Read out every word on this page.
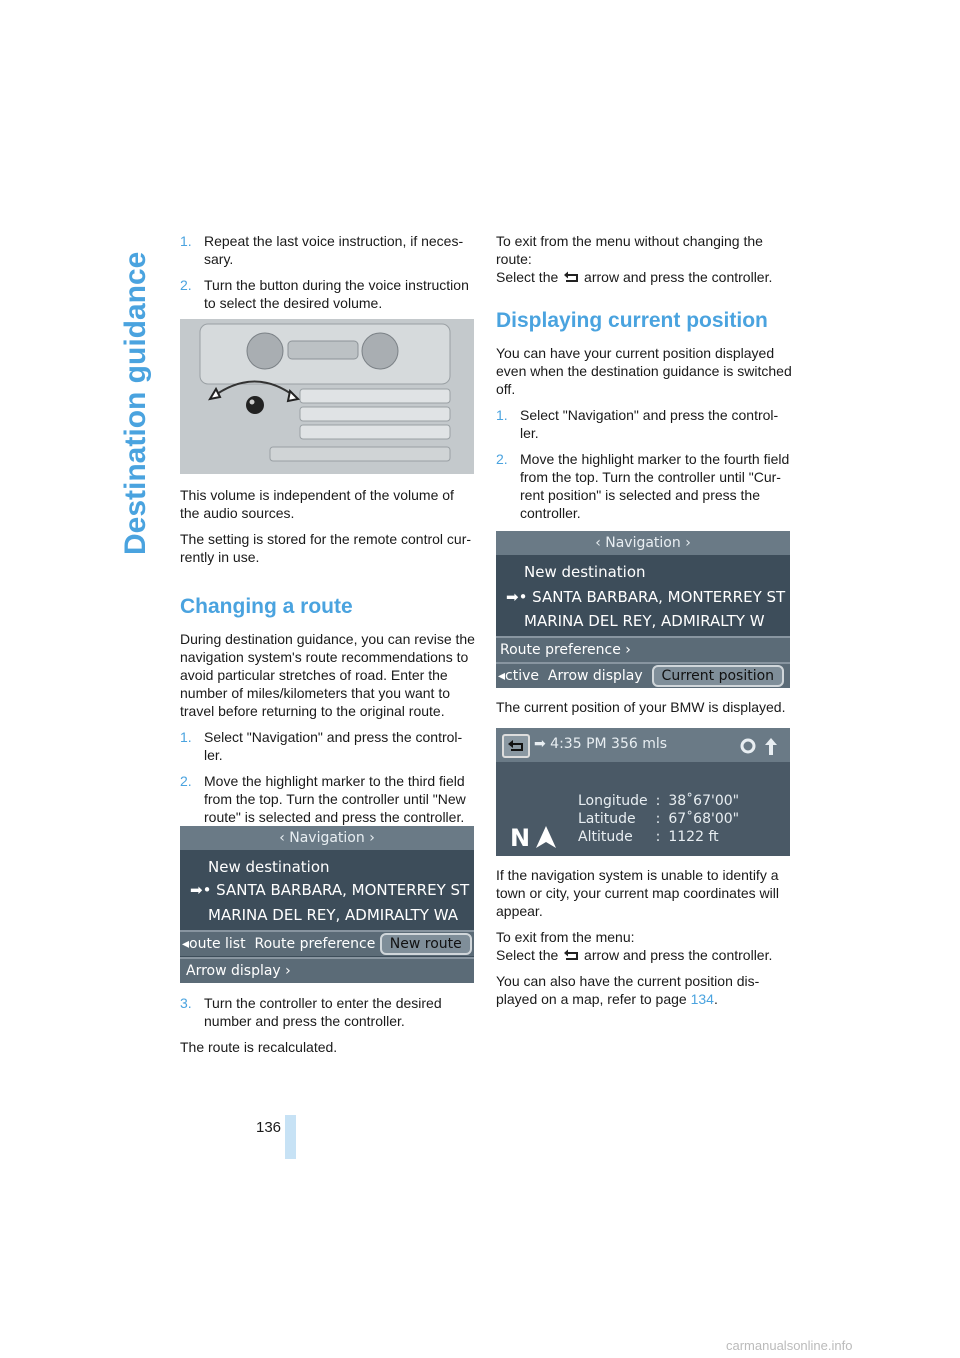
Destination guidance
1. Repeat the last voice instruction, if neces- sary.
2. Turn the button during the voice instruction to select the desired volume.

This volume is independent of the volume of the audio sources.

The setting is stored for the remote control cur- rently in use.

Changing a route

During destination guidance, you can revise the navigation system's route recommendations to avoid particular stretches of road. Enter the number of miles/kilometers that you want to travel before returning to the original route.

1. Select "Navigation" and press the control- ler.
2. Move the highlight marker to the third field from the top. Turn the controller until "New route" is selected and press the controller.
‹ Navigation ›
New destination
➡• SANTA BARBARA, MONTERREY ST
MARINA DEL REY, ADMIRALTY WA
◂oute list Route preference New route
Arrow display ›
3. Turn the controller to enter the desired number and press the controller.

The route is recalculated.

To exit from the menu without changing the route:

Select the arrow and press the controller.

Displaying current position

You can have your current position displayed even when the destination guidance is switched off.

1. Select "Navigation" and press the control- ler.
2. Move the highlight marker to the fourth field from the top. Turn the controller until "Cur- rent position" is selected and press the controller.
‹ Navigation ›
New destination
➡• SANTA BARBARA, MONTERREY ST
MARINA DEL REY, ADMIRALTY W
Route preference ›
◂ctive Arrow display Current position

The current position of your BMW is displayed.

➡ 4:35 PM 356 mls
N
Longitude	:	38˚67'00"
Latitude	:	67˚68'00"
Altitude	:	1122 ft

If the navigation system is unable to identify a town or city, your current map coordinates will appear.

To exit from the menu:

Select the arrow and press the controller.

You can also have the current position dis- played on a map, refer to page 134.

136
carmanualsonline.info
